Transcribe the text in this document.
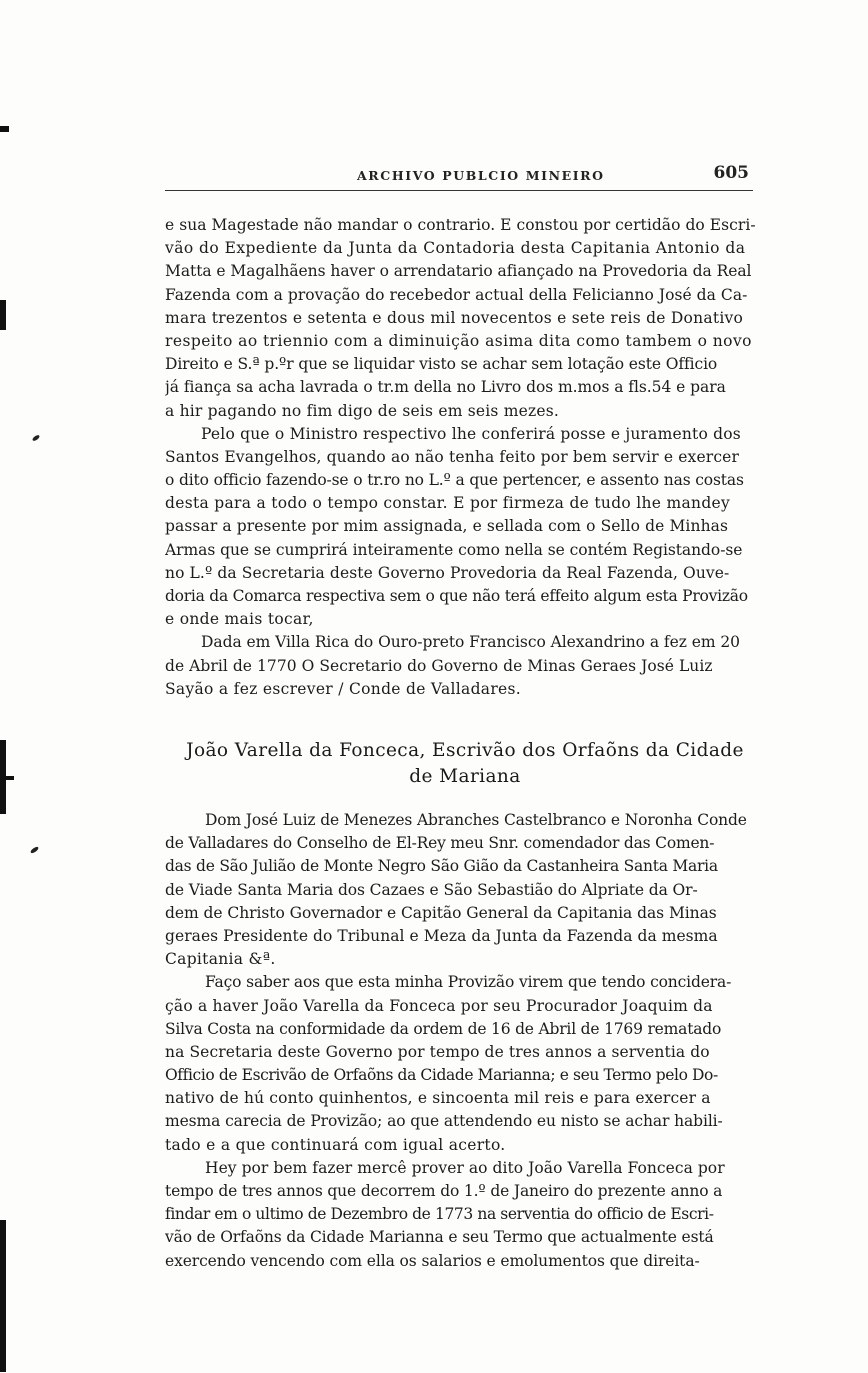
ARCHIVO PUBLCIO MINEIRO	605
e sua Magestade não mandar o contrario. E constou por certidão do Escri-
vão do Expediente da Junta da Contadoria desta Capitania Antonio da
Matta e Magalhãens haver o arrendatario afiançado na Provedoria da Real
Fazenda com a provação do recebedor actual della Felicianno José da Ca-
mara trezentos e setenta e dous mil novecentos e sete reis de Donativo
respeito ao triennio com a diminuição asima dita como tambem o novo
Direito e S.ª p.ºr que se liquidar visto se achar sem lotação este Officio
já fiança sa acha lavrada o tr.m della no Livro dos m.mos a fls.54 e para
a hir pagando no fim digo de seis em seis mezes.
Pelo que o Ministro respectivo lhe conferirá posse e juramento dos
Santos Evangelhos, quando ao não tenha feito por bem servir e exercer
o dito officio fazendo-se o tr.ro no L.º a que pertencer, e assento nas costas
desta para a todo o tempo constar. E por firmeza de tudo lhe mandey
passar a presente por mim assignada, e sellada com o Sello de Minhas
Armas que se cumprirá inteiramente como nella se contém Registando-se
no L.º da Secretaria deste Governo Provedoria da Real Fazenda, Ouve-
doria da Comarca respectiva sem o que não terá effeito algum esta Provizão
e onde mais tocar,
Dada em Villa Rica do Ouro-preto Francisco Alexandrino a fez em 20
de Abril de 1770 O Secretario do Governo de Minas Geraes José Luiz
Sayão a fez escrever / Conde de Valladares.
João Varella da Fonceca, Escrivão dos Orfaõns da Cidade
de Mariana
Dom José Luiz de Menezes Abranches Castelbranco e Noronha Conde
de Valladares do Conselho de El-Rey meu Snr. comendador das Comen-
das de São Julião de Monte Negro São Gião da Castanheira Santa Maria
de Viade Santa Maria dos Cazaes e São Sebastião do Alpriate da Or-
dem de Christo Governador e Capitão General da Capitania das Minas
geraes Presidente do Tribunal e Meza da Junta da Fazenda da mesma
Capitania &ª.
Faço saber aos que esta minha Provizão virem que tendo concidera-
ção a haver João Varella da Fonceca por seu Procurador Joaquim da
Silva Costa na conformidade da ordem de 16 de Abril de 1769 rematado
na Secretaria deste Governo por tempo de tres annos a serventia do
Officio de Escrivão de Orfaõns da Cidade Marianna; e seu Termo pelo Do-
nativo de hú conto quinhentos, e sincoenta mil reis e para exercer a
mesma carecia de Provizão; ao que attendendo eu nisto se achar habili-
tado e a que continuará com igual acerto.
Hey por bem fazer mercê prover ao dito João Varella Fonceca por
tempo de tres annos que decorrem do 1.º de Janeiro do prezente anno a
findar em o ultimo de Dezembro de 1773 na serventia do officio de Escri-
vão de Orfaõns da Cidade Marianna e seu Termo que actualmente está
exercendo vencendo com ella os salarios e emolumentos que direita-
